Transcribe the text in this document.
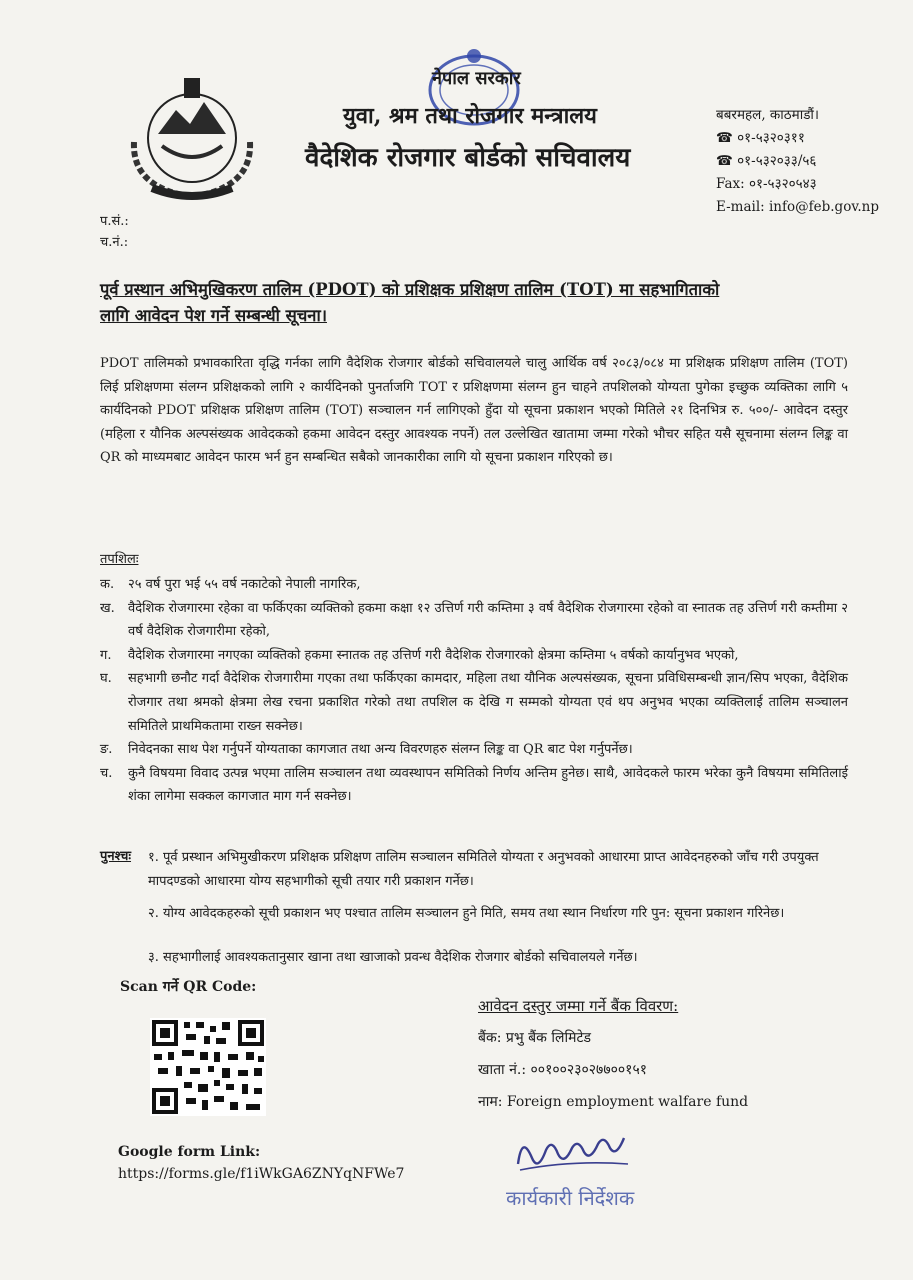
नेपाल सरकार
युवा, श्रम तथा रोजगार मन्त्रालय
वैदेशिक रोजगार बोर्डको सचिवालय
बबरमहल, काठमाडौं।
☎ ०१-५३२०३११
☎ ०१-५३२०३३/५६
Fax: ०१-५३२०५४३
E-mail: info@feb.gov.np
प.सं.:
च.नं.:
पूर्व प्रस्थान अभिमुखिकरण तालिम (PDOT) को प्रशिक्षक प्रशिक्षण तालिम (TOT) मा सहभागिताको
लागि आवेदन पेश गर्ने सम्बन्धी सूचना।
PDOT तालिमको प्रभावकारिता वृद्धि गर्नका लागि वैदेशिक रोजगार बोर्डको सचिवालयले चालु आर्थिक वर्ष २०८३/०८४ मा प्रशिक्षक प्रशिक्षण तालिम (TOT) लिई प्रशिक्षणमा संलग्न प्रशिक्षकको लागि २ कार्यदिनको पुनर्ताजगि TOT र प्रशिक्षणमा संलग्न हुन चाहने तपशिलको योग्यता पुगेका इच्छुक व्यक्तिका लागि ५ कार्यदिनको PDOT प्रशिक्षक प्रशिक्षण तालिम (TOT) सञ्चालन गर्न लागिएको हुँदा यो सूचना प्रकाशन भएको मितिले २१ दिनभित्र रु. ५००/- आवेदन दस्तुर (महिला र यौनिक अल्पसंख्यक आवेदकको हकमा आवेदन दस्तुर आवश्यक नपर्ने) तल उल्लेखित खातामा जम्मा गरेको भौचर सहित यसै सूचनामा संलग्न लिङ्क वा QR को माध्यमबाट आवेदन फारम भर्न हुन सम्बन्धित सबैको जानकारीका लागि यो सूचना प्रकाशन गरिएको छ।
तपशिलः
क.	२५ वर्ष पुरा भई ५५ वर्ष नकाटेको नेपाली नागरिक,
ख.	वैदेशिक रोजगारमा रहेका वा फर्किएका व्यक्तिको हकमा कक्षा १२ उत्तिर्ण गरी कम्तिमा ३ वर्ष वैदेशिक रोजगारमा रहेको वा स्नातक तह उत्तिर्ण गरी कम्तीमा २ वर्ष वैदेशिक रोजगारीमा रहेको,
ग.	वैदेशिक रोजगारमा नगएका व्यक्तिको हकमा स्नातक तह उत्तिर्ण गरी वैदेशिक रोजगारको क्षेत्रमा कम्तिमा ५ वर्षको कार्यानुभव भएको,
घ.	सहभागी छनौट गर्दा वैदेशिक रोजगारीमा गएका तथा फर्किएका कामदार, महिला तथा यौनिक अल्पसंख्यक, सूचना प्रविधिसम्बन्धी ज्ञान/सिप भएका, वैदेशिक रोजगार तथा श्रमको क्षेत्रमा लेख रचना प्रकाशित गरेको तथा तपशिल क देखि ग सम्मको योग्यता एवं थप अनुभव भएका व्यक्तिलाई तालिम सञ्चालन समितिले प्राथमिकतामा राख्न सक्नेछ।
ङ.	निवेदनका साथ पेश गर्नुपर्ने योग्यताका कागजात तथा अन्य विवरणहरु संलग्न लिङ्क वा QR बाट पेश गर्नुपर्नेछ।
च.	कुनै विषयमा विवाद उत्पन्न भएमा तालिम सञ्चालन तथा व्यवस्थापन समितिको निर्णय अन्तिम हुनेछ। साथै, आवेदकले फारम भरेका कुनै विषयमा समितिलाई शंका लागेमा सक्कल कागजात माग गर्न सक्नेछ।
पुनश्चः १. पूर्व प्रस्थान अभिमुखीकरण प्रशिक्षक प्रशिक्षण तालिम सञ्चालन समितिले योग्यता र अनुभवको आधारमा प्राप्त आवेदनहरुको जाँच गरी उपयुक्त मापदण्डको आधारमा योग्य सहभागीको सूची तयार गरी प्रकाशन गर्नेछ।
२. योग्य आवेदकहरुको सूची प्रकाशन भए पश्चात तालिम सञ्चालन हुने मिति, समय तथा स्थान निर्धारण गरि पुन: सूचना प्रकाशन गरिनेछ।
३. सहभागीलाई आवश्यकतानुसार खाना तथा खाजाको प्रवन्ध वैदेशिक रोजगार बोर्डको सचिवालयले गर्नेछ।
Scan गर्ने QR Code:
आवेदन दस्तुर जम्मा गर्ने बैंक विवरण:
बैंक: प्रभु बैंक लिमिटेड
खाता नं.: ००१००२३०२७७००१५१
नाम: Foreign employment walfare fund
Google form Link:
https://forms.gle/f1iWkGA6ZNYqNFWe7
कार्यकारी निर्देशक
